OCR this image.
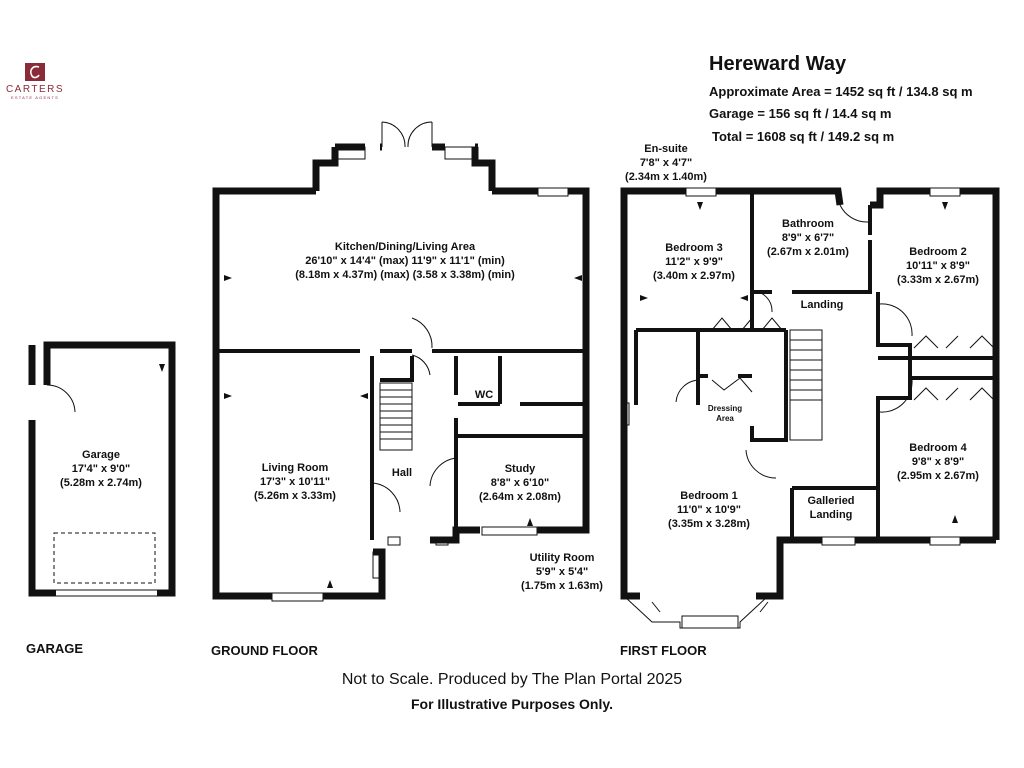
CARTERS
ESTATE AGENTS
Hereward Way
Approximate Area = 1452 sq ft / 134.8 sq m
Garage = 156 sq ft / 14.4 sq m
Total = 1608 sq ft / 149.2 sq m
Garage
17'4" x 9'0"
(5.28m x 2.74m)
Kitchen/Dining/Living Area
26'10" x 14'4" (max) 11'9" x 11'1" (min)
(8.18m x 4.37m) (max) (3.58 x 3.38m) (min)
Living Room
17'3" x 10'11"
(5.26m x 3.33m)
Hall
WC
Study
8'8" x 6'10"
(2.64m x 2.08m)
Utility Room
5'9" x 5'4"
(1.75m x 1.63m)
En-suite
7'8" x 4'7"
(2.34m x 1.40m)
Bedroom 3
11'2" x 9'9"
(3.40m x 2.97m)
Bathroom
8'9" x 6'7"
(2.67m x 2.01m)	Bedroom 2
10'11" x 8'9"
(3.33m x 2.67m)
Landing
Dressing
Area
Bedroom 1
11'0" x 10'9"
(3.35m x 3.28m)
Bedroom 4
9'8" x 8'9"
(2.95m x 2.67m)
Galleried
Landing
GARAGE	GROUND FLOOR	FIRST FLOOR
Not to Scale. Produced by The Plan Portal 2025
For Illustrative Purposes Only.
